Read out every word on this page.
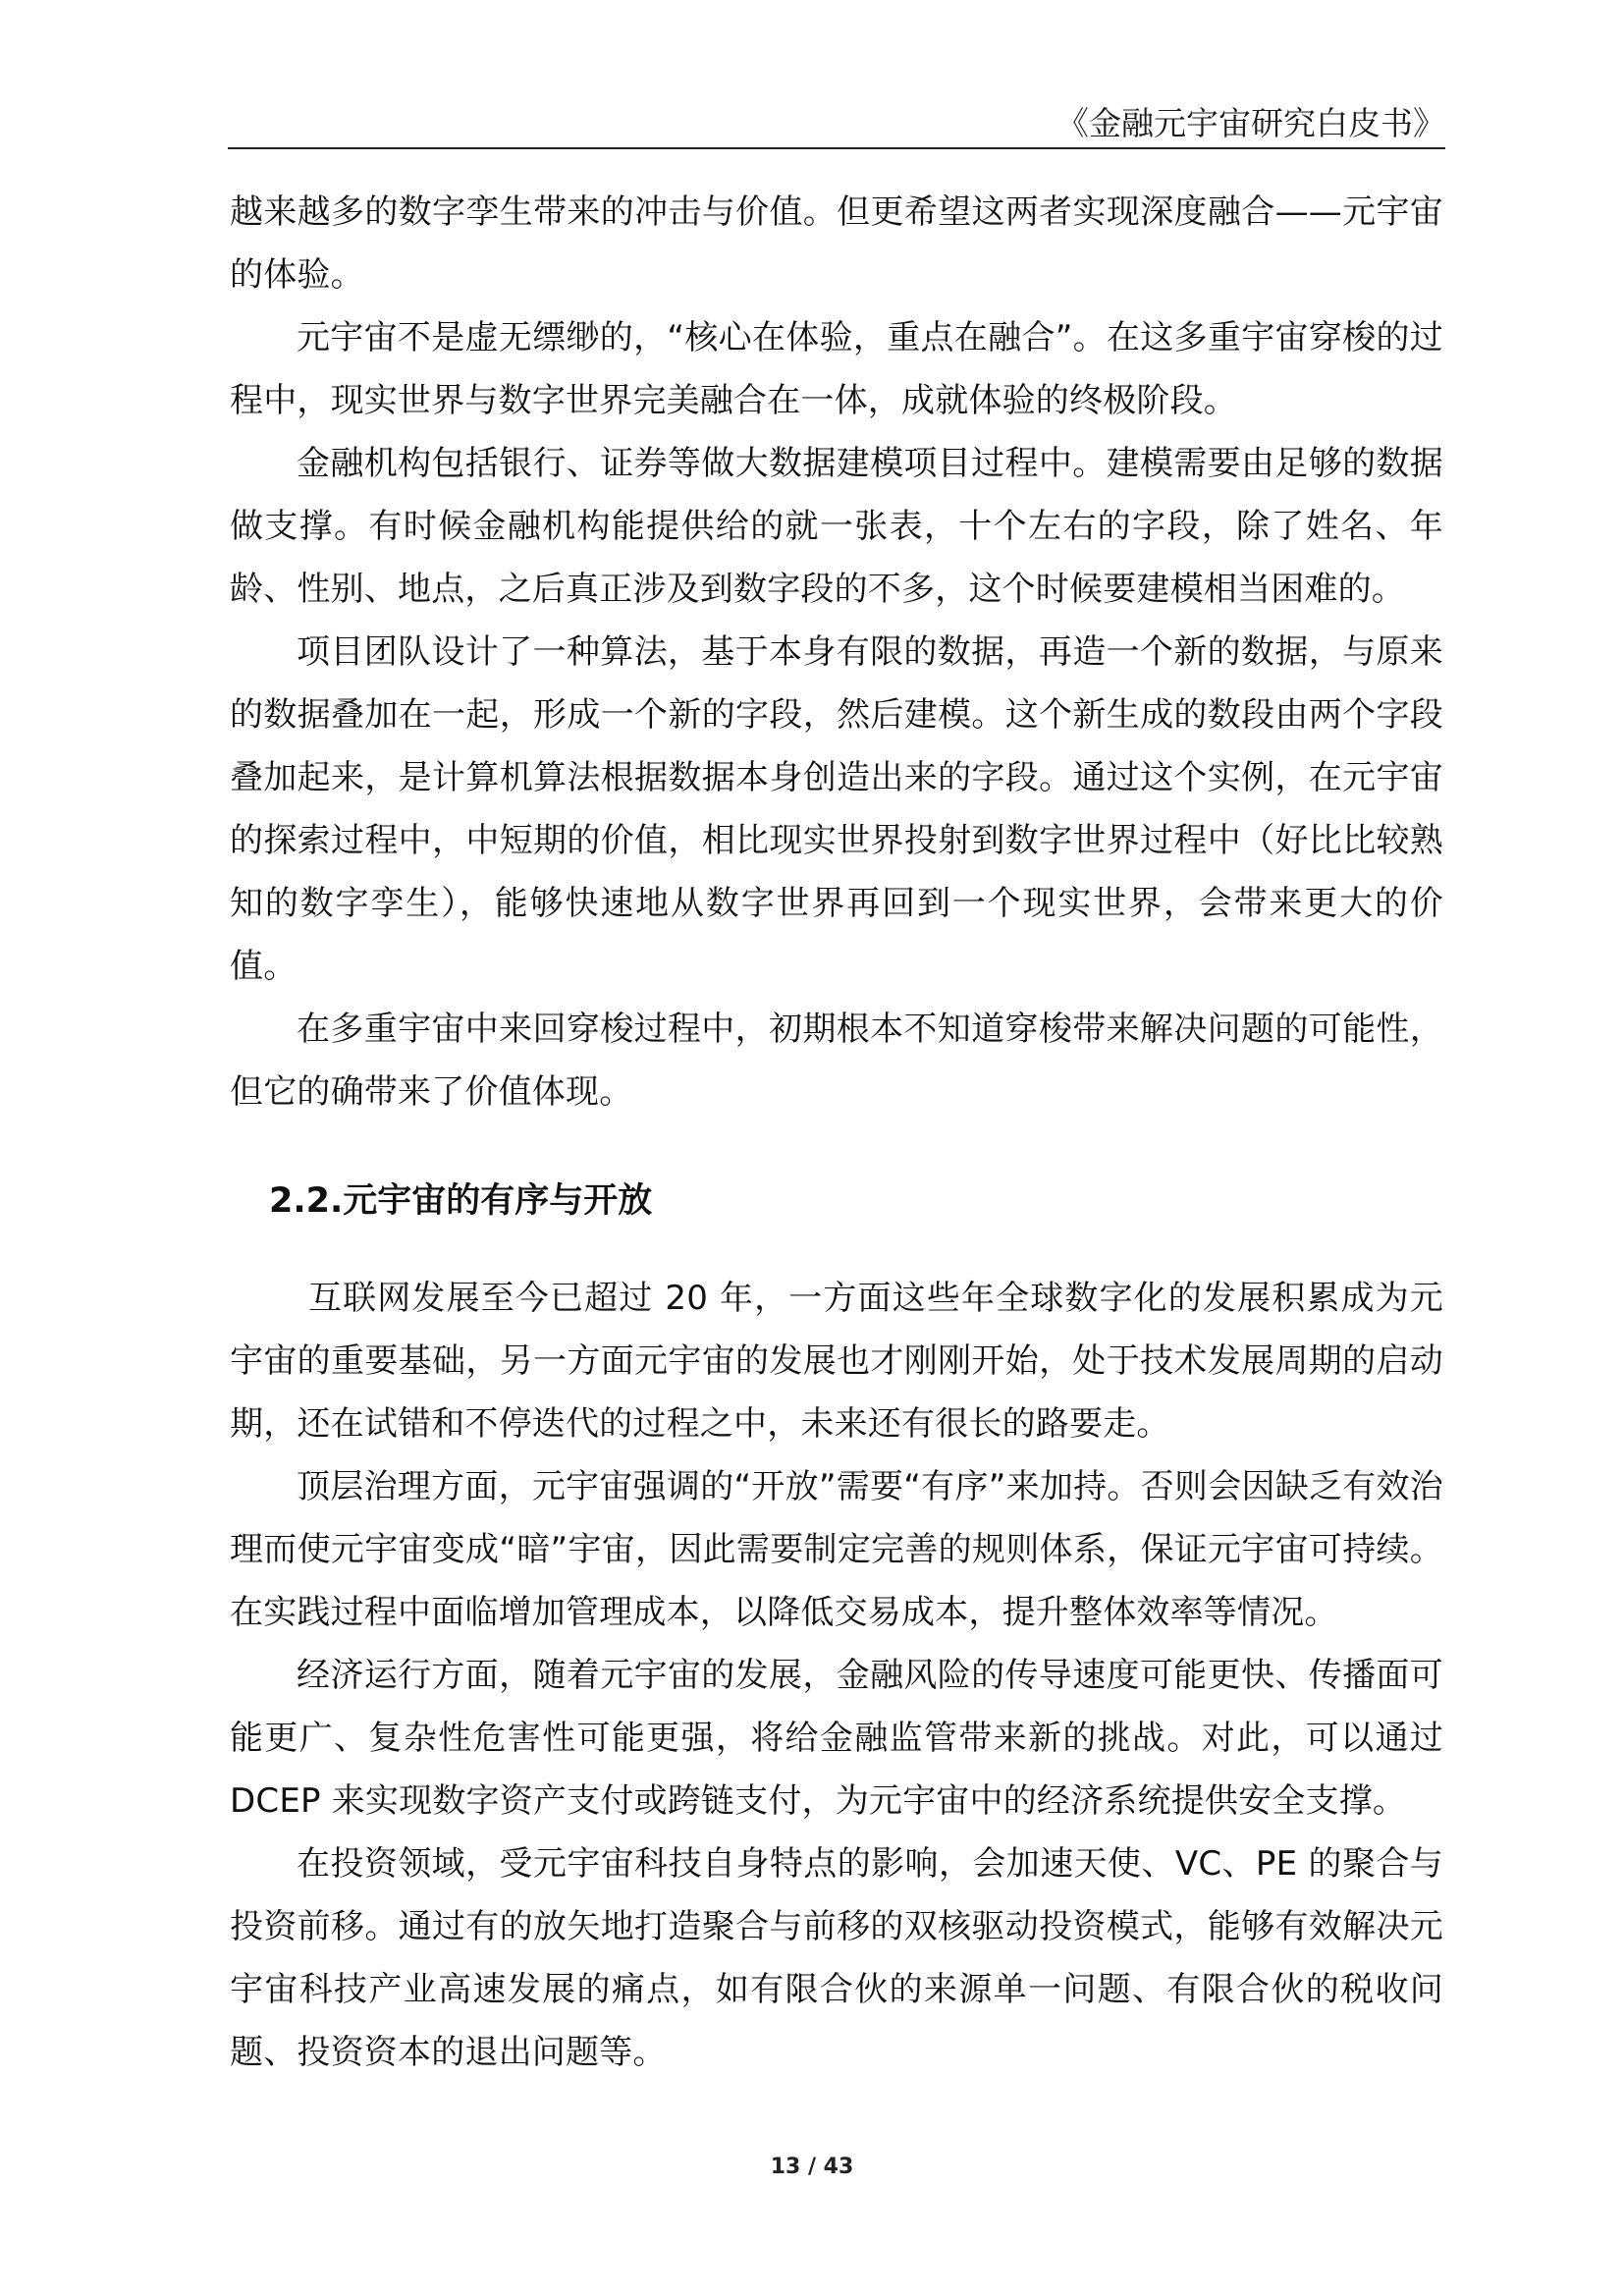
《金融元宇宙研究白皮书》

越来越多的数字孪生带来的冲击与价值。但更希望这两者实现深度融合——元宇宙的体验。

元宇宙不是虚无缥缈的，“核心在体验，重点在融合”。在这多重宇宙穿梭的过程中，现实世界与数字世界完美融合在一体，成就体验的终极阶段。

金融机构包括银行、证券等做大数据建模项目过程中。建模需要由足够的数据做支撑。有时候金融机构能提供给的就一张表，十个左右的字段，除了姓名、年龄、性别、地点，之后真正涉及到数字段的不多，这个时候要建模相当困难的。

项目团队设计了一种算法，基于本身有限的数据，再造一个新的数据，与原来的数据叠加在一起，形成一个新的字段，然后建模。这个新生成的数段由两个字段叠加起来，是计算机算法根据数据本身创造出来的字段。通过这个实例，在元宇宙的探索过程中，中短期的价值，相比现实世界投射到数字世界过程中（好比比较熟知的数字孪生），能够快速地从数字世界再回到一个现实世界，会带来更大的价值。

在多重宇宙中来回穿梭过程中，初期根本不知道穿梭带来解决问题的可能性，但它的确带来了价值体现。

2.2.元宇宙的有序与开放

互联网发展至今已超过 20 年，一方面这些年全球数字化的发展积累成为元宇宙的重要基础，另一方面元宇宙的发展也才刚刚开始，处于技术发展周期的启动期，还在试错和不停迭代的过程之中，未来还有很长的路要走。

顶层治理方面，元宇宙强调的“开放”需要“有序”来加持。否则会因缺乏有效治理而使元宇宙变成“暗”宇宙，因此需要制定完善的规则体系，保证元宇宙可持续。在实践过程中面临增加管理成本，以降低交易成本，提升整体效率等情况。

经济运行方面，随着元宇宙的发展，金融风险的传导速度可能更快、传播面可能更广、复杂性危害性可能更强，将给金融监管带来新的挑战。对此，可以通过 DCEP 来实现数字资产支付或跨链支付，为元宇宙中的经济系统提供安全支撑。

在投资领域，受元宇宙科技自身特点的影响，会加速天使、VC、PE 的聚合与投资前移。通过有的放矢地打造聚合与前移的双核驱动投资模式，能够有效解决元宇宙科技产业高速发展的痛点，如有限合伙的来源单一问题、有限合伙的税收问题、投资资本的退出问题等。

13 / 43
